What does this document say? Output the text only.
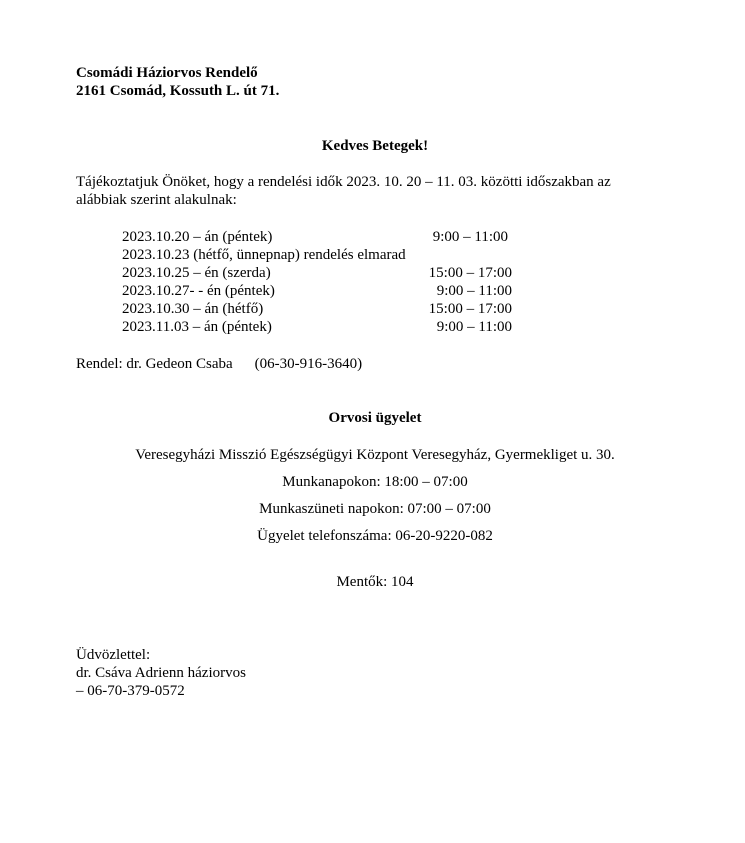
Csomádi Háziorvos Rendelő
2161 Csomád, Kossuth L. út 71.
Kedves Betegek!
Tájékoztatjuk Önöket, hogy a rendelési idők 2023. 10. 20 – 11. 03. közötti időszakban az
alábbiak szerint alakulnak:
2023.10.20 – án (péntek)	9:00 – 11:00
2023.10.23 (hétfő, ünnepnap) rendelés elmarad
2023.10.25 – én (szerda)	15:00 – 17:00
2023.10.27- - én (péntek)	9:00 – 11:00
2023.10.30 – án (hétfő)	15:00 – 17:00
2023.11.03 – án (péntek)	9:00 – 11:00
Rendel: dr. Gedeon Csaba (06-30-916-3640)
Orvosi ügyelet
Veresegyházi Misszió Egészségügyi Központ Veresegyház, Gyermekliget u. 30.
Munkanapokon: 18:00 – 07:00
Munkaszüneti napokon: 07:00 – 07:00
Ügyelet telefonszáma: 06-20-9220-082
Mentők: 104
Üdvözlettel:
dr. Csáva Adrienn háziorvos
– 06-70-379-0572
